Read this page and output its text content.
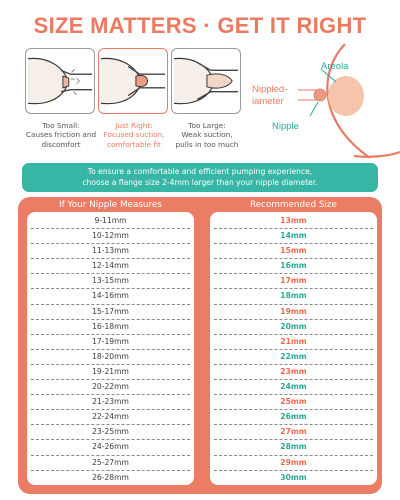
SIZE MATTERS · GET IT RIGHT
Too Small:
Causes friction and
discomfort
Just Right:
Focused suction,
comfortable fit
Too Large:
Weak suction,
pulls in too much
Areola
Nippled-
iameter
Nipple
To ensure a comfortable and efficient pumping experience,
choose a flange size 2-4mm larger than your nipple diameter.
If Your Nipple Measures	Recommended Size
9-11mm
10-12mm
11-13mm
12-14mm
13-15mm
14-16mm
15-17mm
16-18mm
17-19mm
18-20mm
19-21mm
20-22mm
21-23mm
22-24mm
23-25mm
24-26mm
25-27mm
26-28mm
13mm
14mm
15mm
16mm
17mm
18mm
19mm
20mm
21mm
22mm
23mm
24mm
25mm
26mm
27mm
28mm
29mm
30mm
